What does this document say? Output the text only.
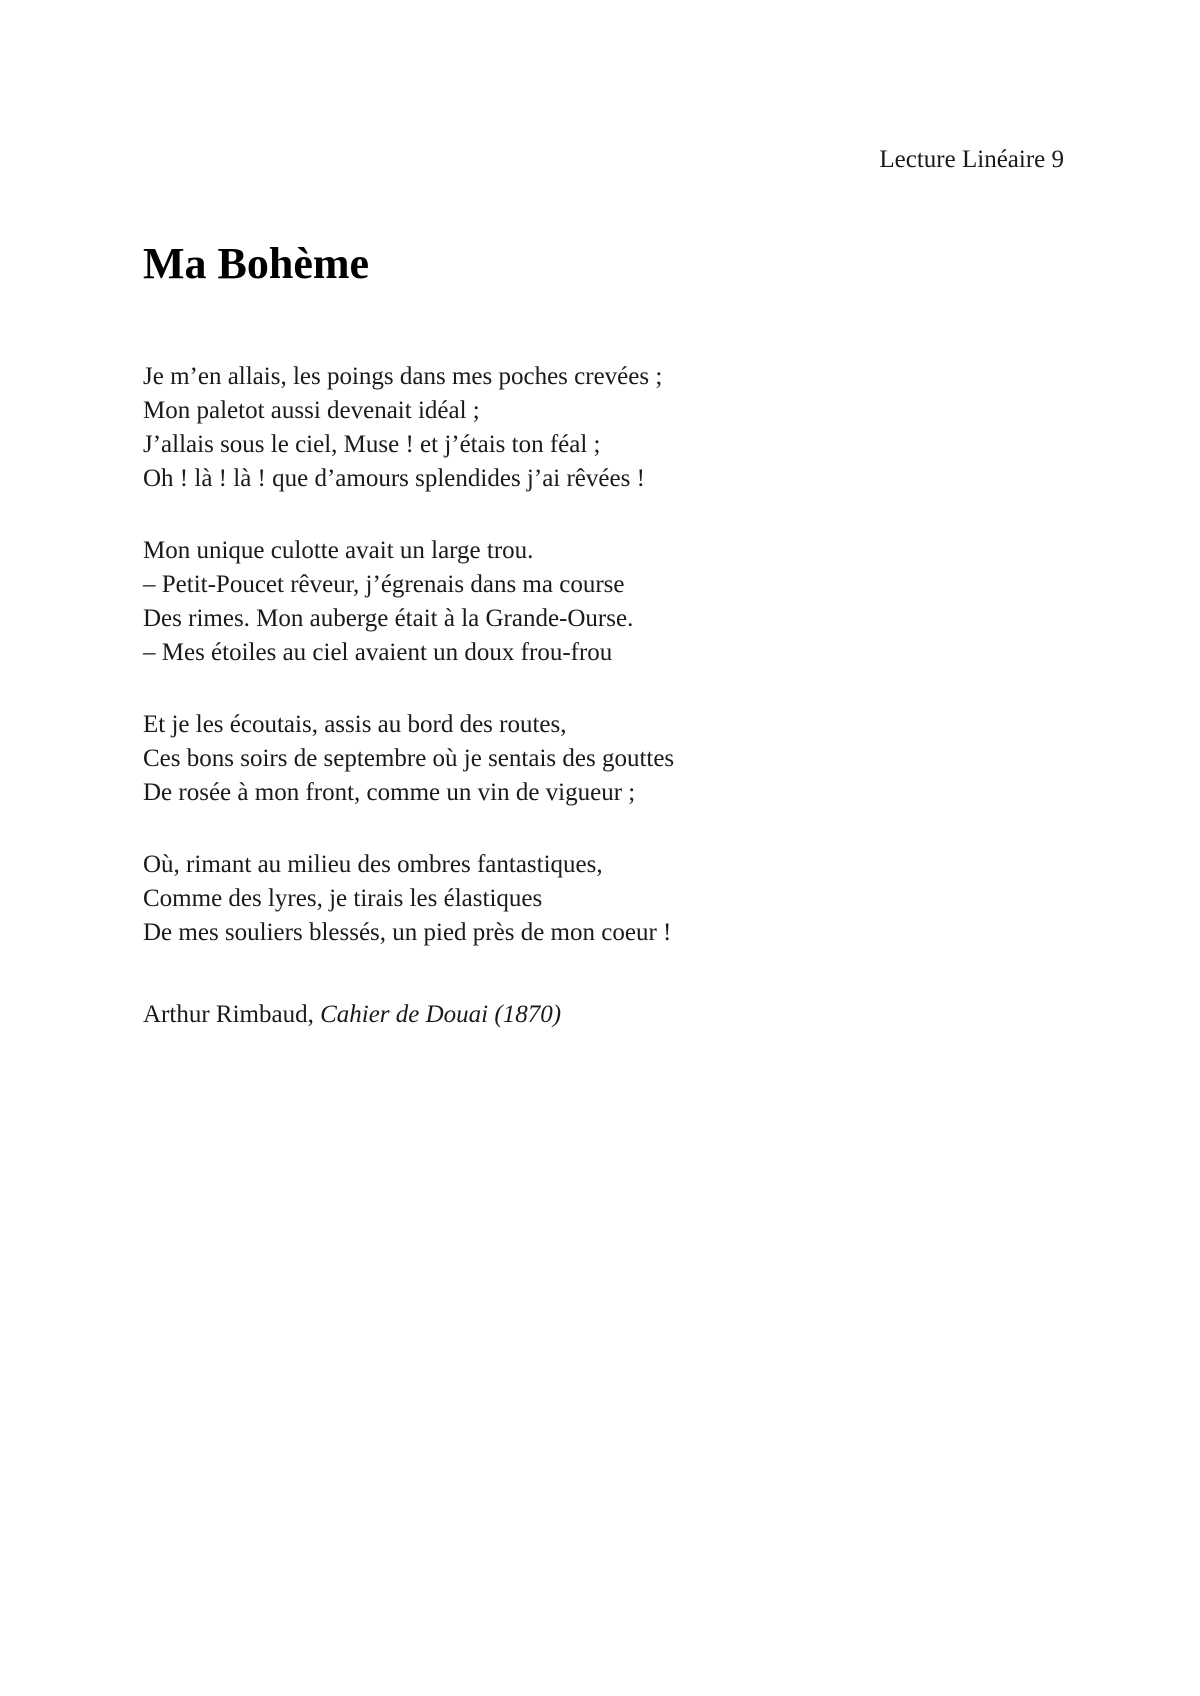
Lecture Linéaire 9
Ma Bohème
Je m’en allais, les poings dans mes poches crevées ;
Mon paletot aussi devenait idéal ;
J’allais sous le ciel, Muse ! et j’étais ton féal ;
Oh ! là ! là ! que d’amours splendides j’ai rêvées !
Mon unique culotte avait un large trou.
– Petit-Poucet rêveur, j’égrenais dans ma course
Des rimes. Mon auberge était à la Grande-Ourse.
– Mes étoiles au ciel avaient un doux frou-frou
Et je les écoutais, assis au bord des routes,
Ces bons soirs de septembre où je sentais des gouttes
De rosée à mon front, comme un vin de vigueur ;
Où, rimant au milieu des ombres fantastiques,
Comme des lyres, je tirais les élastiques
De mes souliers blessés, un pied près de mon coeur !
Arthur Rimbaud, Cahier de Douai (1870)
